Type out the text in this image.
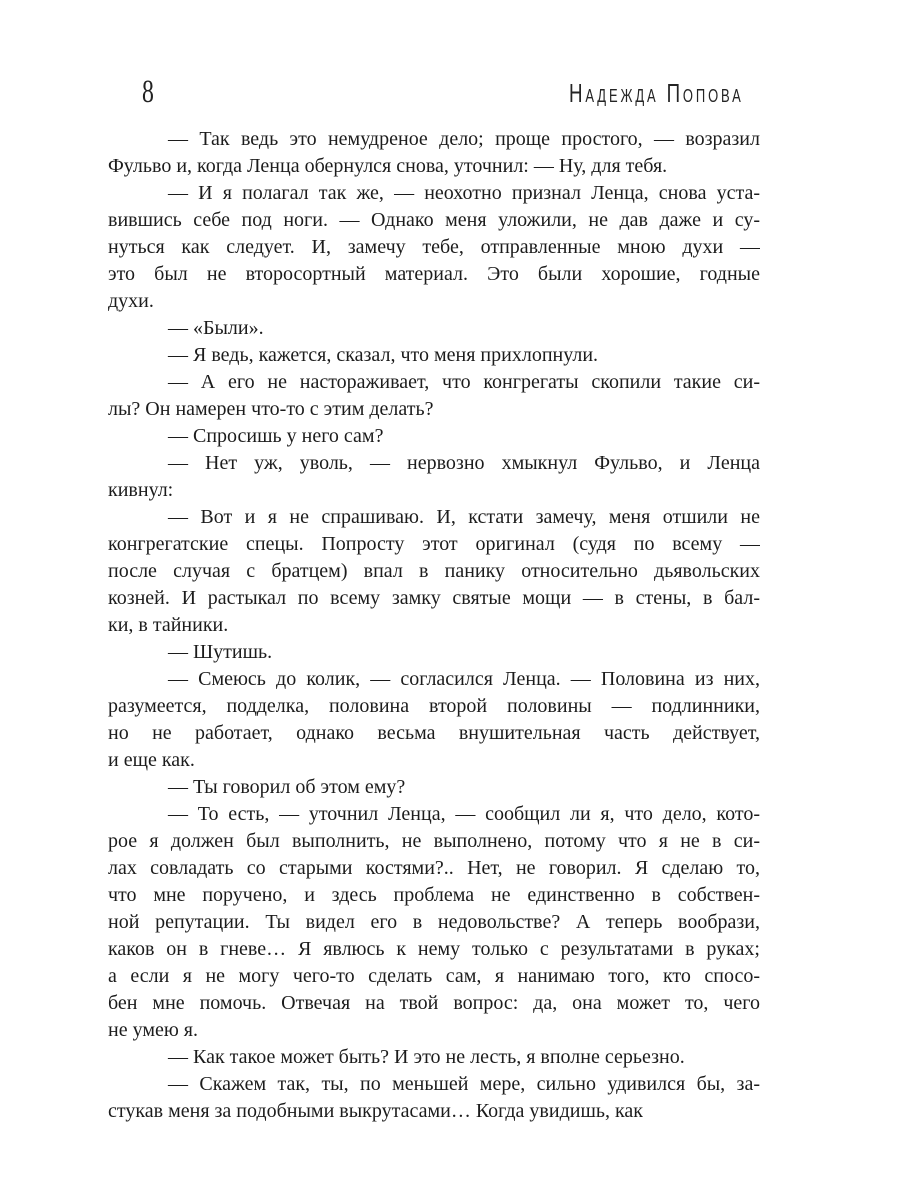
8	Надежда Попова
— Так ведь это немудреное дело; проще простого, — возразил
Фульво и, когда Ленца обернулся снова, уточнил: — Ну, для тебя.
— И я полагал так же, — неохотно признал Ленца, снова уста-
вившись себе под ноги. — Однако меня уложили, не дав даже и су-
нуться как следует. И, замечу тебе, отправленные мною духи —
это был не второсортный материал. Это были хорошие, годные
духи.
— «Были».
— Я ведь, кажется, сказал, что меня прихлопнули.
— А его не настораживает, что конгрегаты скопили такие си-
лы? Он намерен что-то с этим делать?
— Спросишь у него сам?
— Нет уж, уволь, — нервозно хмыкнул Фульво, и Ленца
кивнул:
— Вот и я не спрашиваю. И, кстати замечу, меня отшили не
конгрегатские спецы. Попросту этот оригинал (судя по всему —
после случая с братцем) впал в панику относительно дьявольских
козней. И растыкал по всему замку святые мощи — в стены, в бал-
ки, в тайники.
— Шутишь.
— Смеюсь до колик, — согласился Ленца. — Половина из них,
разумеется, подделка, половина второй половины — подлинники,
но не работает, однако весьма внушительная часть действует,
и еще как.
— Ты говорил об этом ему?
— То есть, — уточнил Ленца, — сообщил ли я, что дело, кото-
рое я должен был выполнить, не выполнено, потому что я не в си-
лах совладать со старыми костями?.. Нет, не говорил. Я сделаю то,
что мне поручено, и здесь проблема не единственно в собствен-
ной репутации. Ты видел его в недовольстве? А теперь вообрази,
каков он в гневе… Я явлюсь к нему только с результатами в руках;
а если я не могу чего-то сделать сам, я нанимаю того, кто спосо-
бен мне помочь. Отвечая на твой вопрос: да, она может то, чего
не умею я.
— Как такое может быть? И это не лесть, я вполне серьезно.
— Скажем так, ты, по меньшей мере, сильно удивился бы, за-
стукав меня за подобными выкрутасами… Когда увидишь, как
